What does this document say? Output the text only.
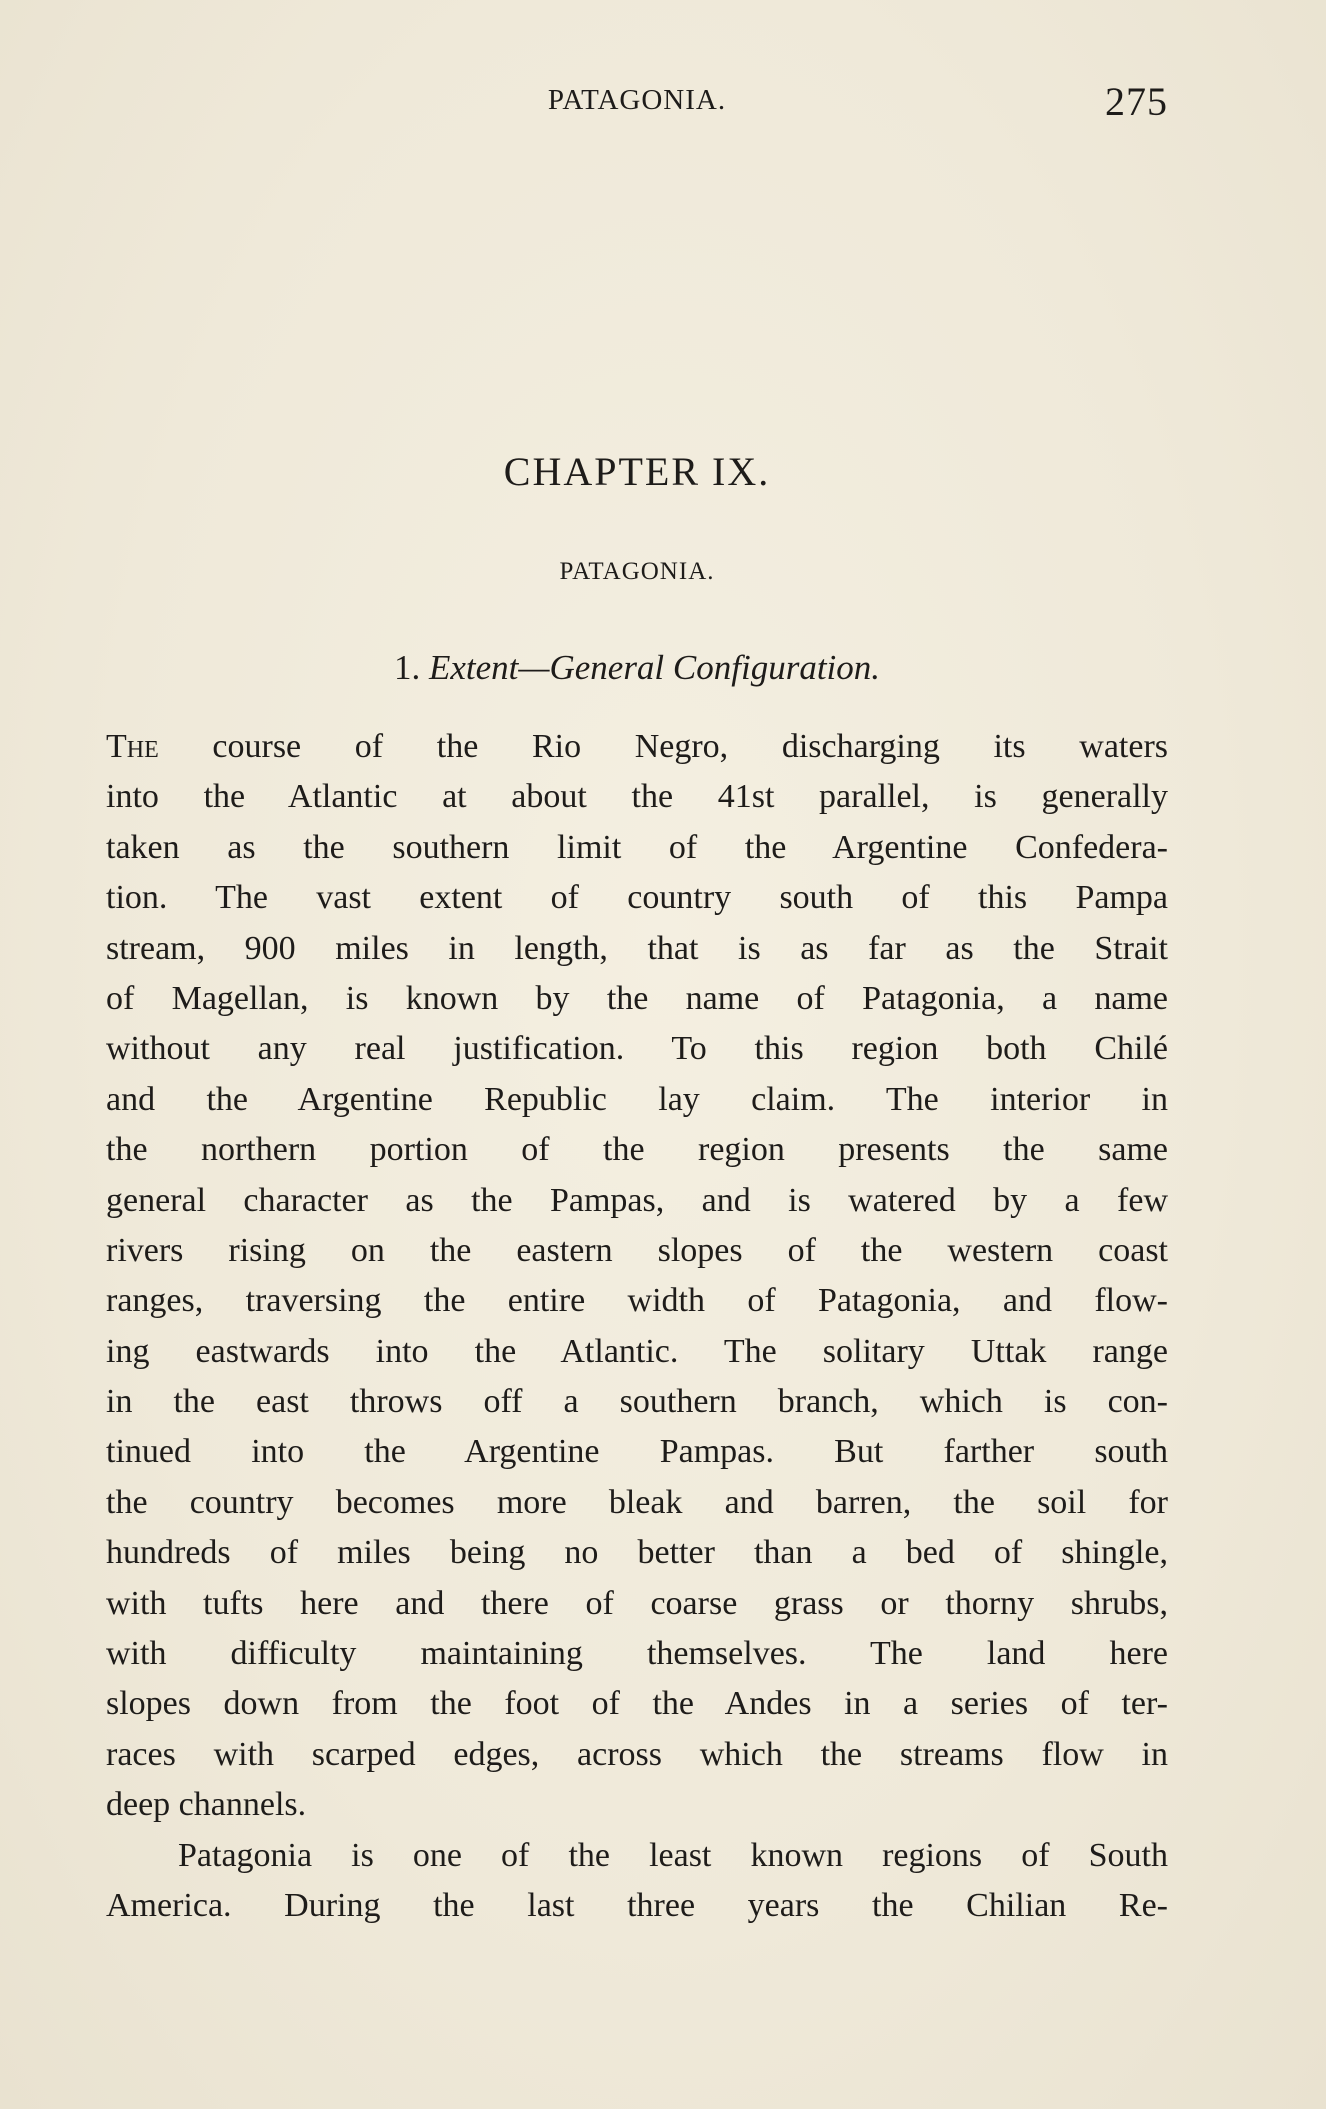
PATAGONIA.	275
CHAPTER IX.
PATAGONIA.
1. Extent—General Configuration.
The course of the Rio Negro, discharging its waters
into the Atlantic at about the 41st parallel, is generally
taken as the southern limit of the Argentine Confedera-
tion. The vast extent of country south of this Pampa
stream, 900 miles in length, that is as far as the Strait
of Magellan, is known by the name of Patagonia, a name
without any real justification. To this region both Chilé
and the Argentine Republic lay claim. The interior in
the northern portion of the region presents the same
general character as the Pampas, and is watered by a few
rivers rising on the eastern slopes of the western coast
ranges, traversing the entire width of Patagonia, and flow-
ing eastwards into the Atlantic. The solitary Uttak range
in the east throws off a southern branch, which is con-
tinued into the Argentine Pampas. But farther south
the country becomes more bleak and barren, the soil for
hundreds of miles being no better than a bed of shingle,
with tufts here and there of coarse grass or thorny shrubs,
with difficulty maintaining themselves. The land here
slopes down from the foot of the Andes in a series of ter-
races with scarped edges, across which the streams flow in
deep channels.
Patagonia is one of the least known regions of South
America. During the last three years the Chilian Re-
